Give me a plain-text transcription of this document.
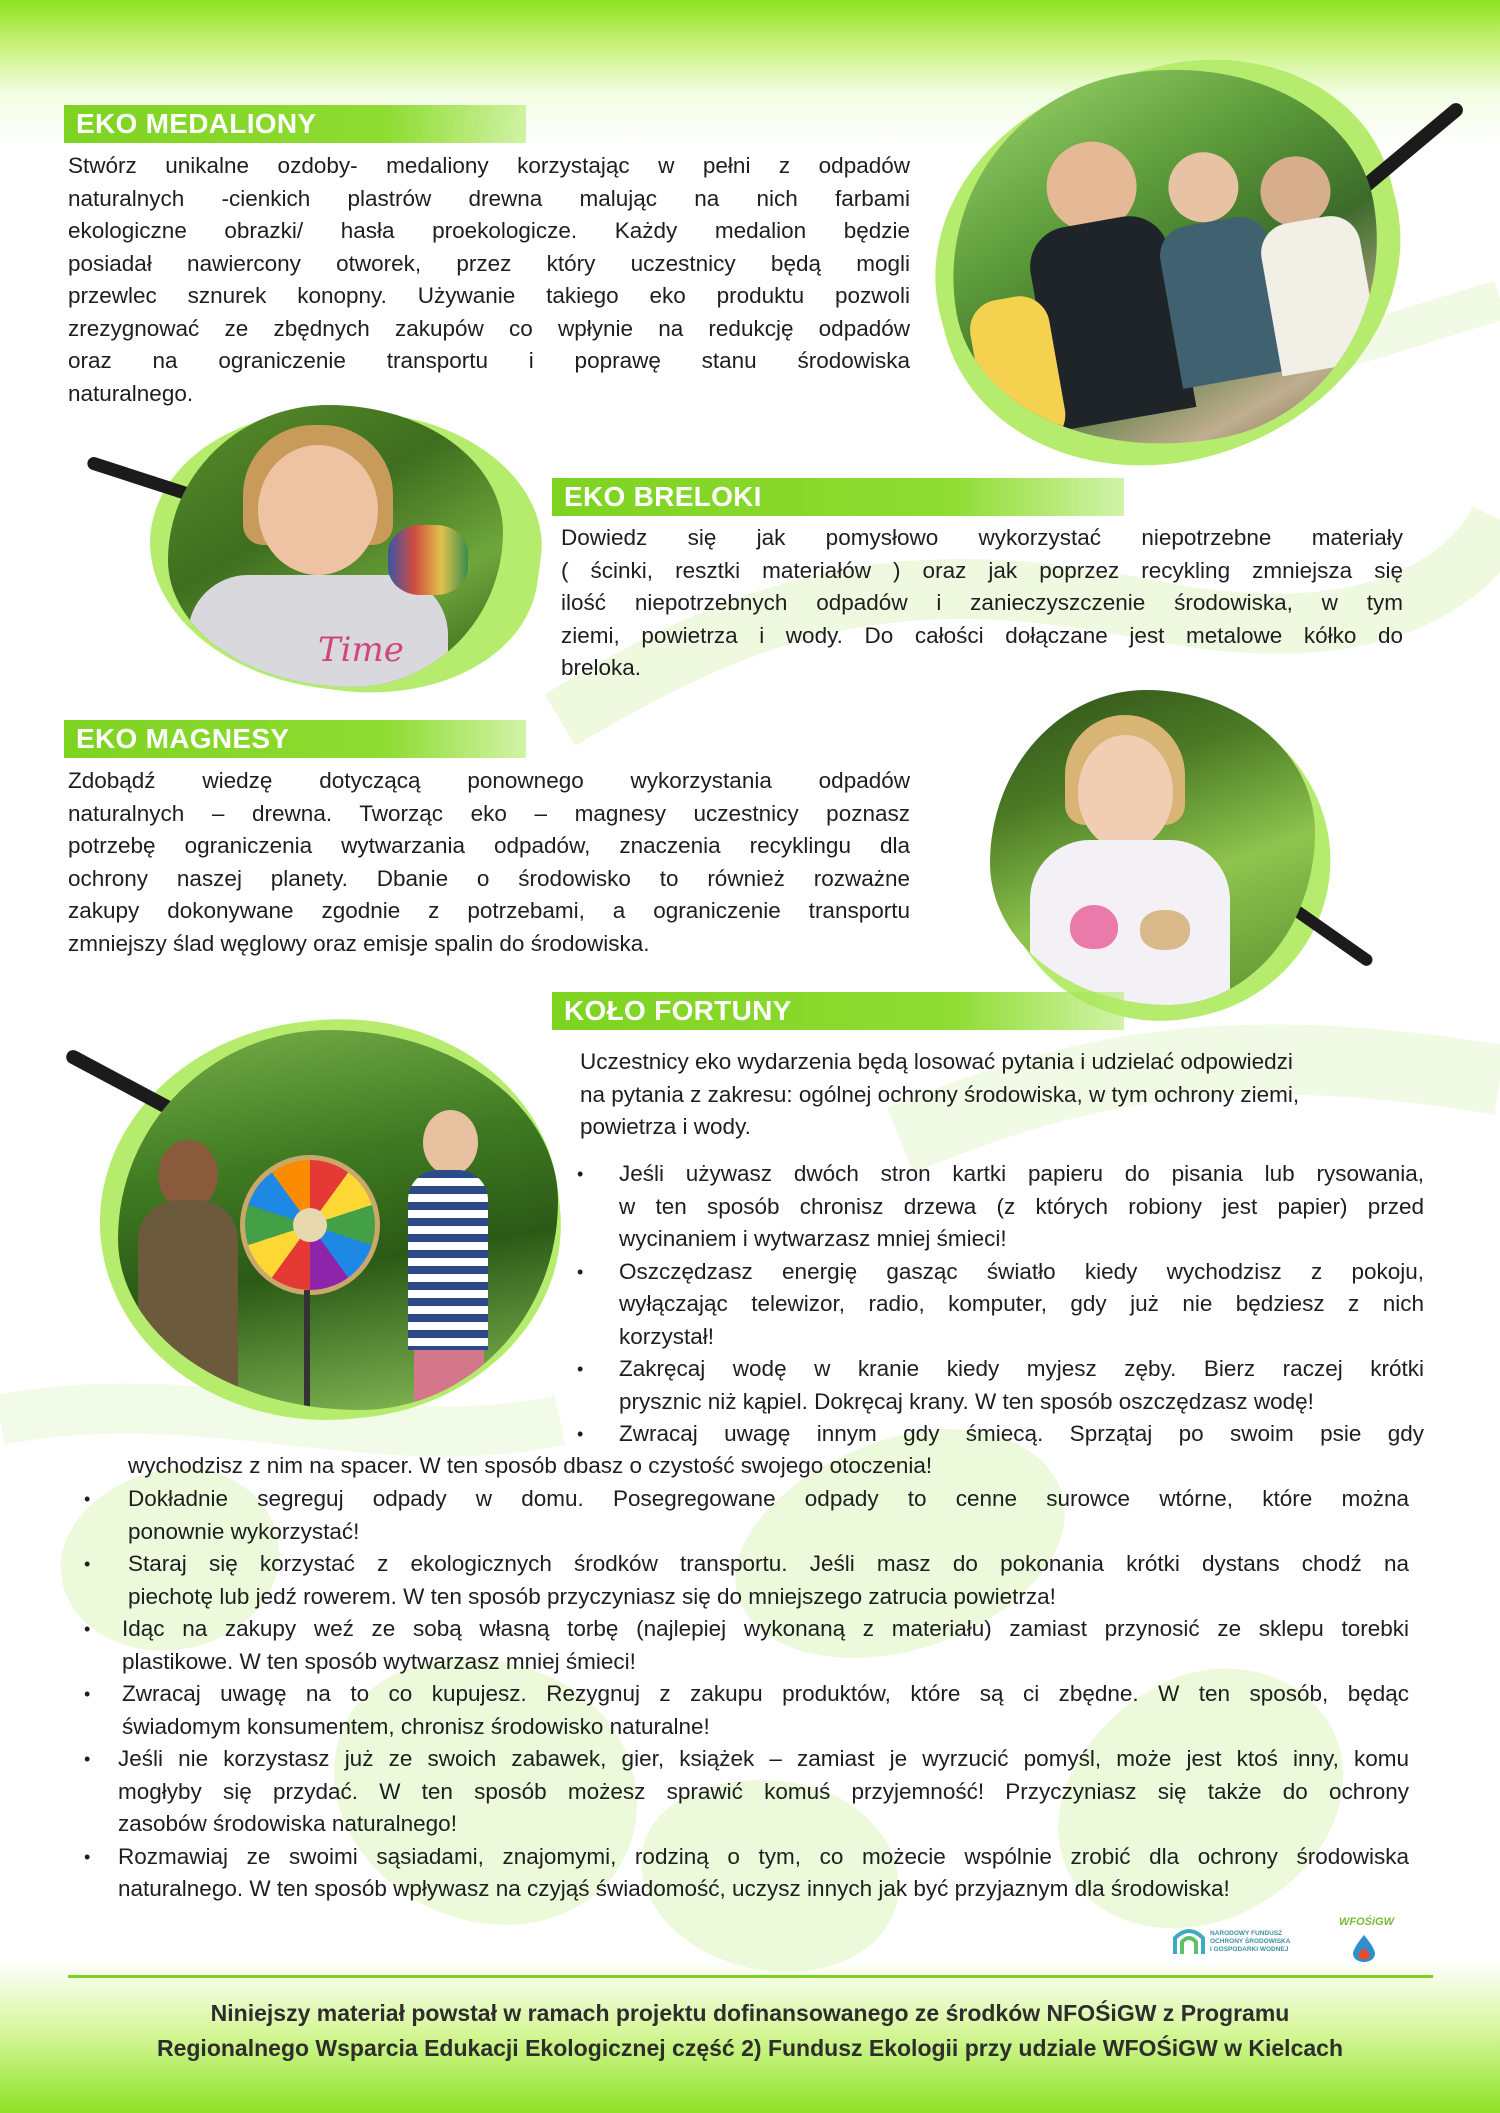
EKO MEDALIONY
Stwórz unikalne ozdoby- medaliony korzystając w pełni z odpadów
naturalnych -cienkich plastrów drewna malując na nich farbami
ekologiczne obrazki/ hasła proekologicze. Każdy medalion będzie
posiadał nawiercony otworek, przez który uczestnicy będą mogli
przewlec sznurek konopny. Używanie takiego eko produktu pozwoli
zrezygnować ze zbędnych zakupów co wpłynie na redukcję odpadów
oraz na ograniczenie transportu i poprawę stanu środowiska
naturalnego.
Time
EKO BRELOKI
Dowiedz się jak pomysłowo wykorzystać niepotrzebne materiały
( ścinki, resztki materiałów ) oraz jak poprzez recykling zmniejsza się
ilość niepotrzebnych odpadów i zanieczyszczenie środowiska, w tym
ziemi, powietrza i wody. Do całości dołączane jest metalowe kółko do
breloka.
EKO MAGNESY
Zdobądź wiedzę dotyczącą ponownego wykorzystania odpadów
naturalnych – drewna. Tworząc eko – magnesy uczestnicy poznasz
potrzebę ograniczenia wytwarzania odpadów, znaczenia recyklingu dla
ochrony naszej planety. Dbanie o środowisko to również rozważne
zakupy dokonywane zgodnie z potrzebami, a ograniczenie transportu
zmniejszy ślad węglowy oraz emisje spalin do środowiska.
KOŁO FORTUNY
Uczestnicy eko wydarzenia będą losować pytania i udzielać odpowiedzi
na pytania z zakresu: ogólnej ochrony środowiska, w tym ochrony ziemi,
powietrza i wody.
• Jeśli używasz dwóch stron kartki papieru do pisania lub rysowania,
w ten sposób chronisz drzewa (z których robiony jest papier) przed
wycinaniem i wytwarzasz mniej śmieci!
• Oszczędzasz energię gasząc światło kiedy wychodzisz z pokoju,
wyłączając telewizor, radio, komputer, gdy już nie będziesz z nich
korzystał!
• Zakręcaj wodę w kranie kiedy myjesz zęby. Bierz raczej krótki
prysznic niż kąpiel. Dokręcaj krany. W ten sposób oszczędzasz wodę!
• Zwracaj uwagę innym gdy śmiecą. Sprzątaj po swoim psie gdy
wychodzisz z nim na spacer. W ten sposób dbasz o czystość swojego otoczenia!
• Dokładnie segreguj odpady w domu. Posegregowane odpady to cenne surowce wtórne, które można
ponownie wykorzystać!
• Staraj się korzystać z ekologicznych środków transportu. Jeśli masz do pokonania krótki dystans chodź na
piechotę lub jedź rowerem. W ten sposób przyczyniasz się do mniejszego zatrucia powietrza!
• Idąc na zakupy weź ze sobą własną torbę (najlepiej wykonaną z materiału) zamiast przynosić ze sklepu torebki
plastikowe. W ten sposób wytwarzasz mniej śmieci!
• Zwracaj uwagę na to co kupujesz. Rezygnuj z zakupu produktów, które są ci zbędne. W ten sposób, będąc
świadomym konsumentem, chronisz środowisko naturalne!
• Jeśli nie korzystasz już ze swoich zabawek, gier, książek – zamiast je wyrzucić pomyśl, może jest ktoś inny, komu
mogłyby się przydać. W ten sposób możesz sprawić komuś przyjemność! Przyczyniasz się także do ochrony
zasobów środowiska naturalnego!
• Rozmawiaj ze swoimi sąsiadami, znajomymi, rodziną o tym, co możecie wspólnie zrobić dla ochrony środowiska
naturalnego. W ten sposób wpływasz na czyjąś świadomość, uczysz innych jak być przyjaznym dla środowiska!
NARODOWY FUNDUSZ
OCHRONY ŚRODOWISKA
I GOSPODARKI WODNEJ
WFOŚiGW
Niniejszy materiał powstał w ramach projektu dofinansowanego ze środków NFOŚiGW z Programu
Regionalnego Wsparcia Edukacji Ekologicznej część 2) Fundusz Ekologii przy udziale WFOŚiGW w Kielcach
